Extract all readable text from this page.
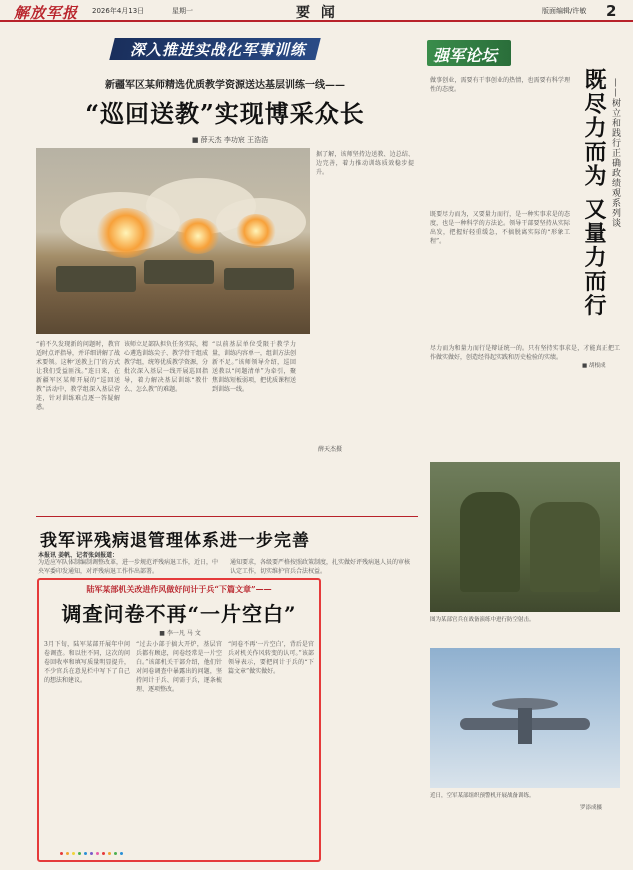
解放军报 2026年4月13日	星期一	要 闻	版面编辑/许敏 2
深入推进实战化军事训练
新疆军区某师精选优质教学资源送达基层训练一线——
“巡回送教”实现博采众长
■ 薛天杰 李功宸 王浩浩
“前不久发现新的问题时，教官适时点评指导，并详细讲解了战术要领。这种‘送教上门’的方式让我们受益匪浅。”连日来，在新疆军区某师开展的“巡回送教”活动中，教学组深入基层营连，针对训练难点逐一答疑解惑。
该师立足部队担负任务实际，精心遴选训练尖子、教学骨干组成教学组，统筹优质教学资源，分批次深入基层一线开展巡回指导，着力解决基层训练“教什么、怎么教”的难题。
“以前基层单位受限于教学力量，训练内容单一，组训方法创新不足。”该师领导介绍，巡回送教以“问题清单”为牵引，聚焦训练短板弱项，把优质课程送到训练一线。
据了解，该师坚持边送教、边总结、边完善，着力推动训练质效稳步提升。
薛天杰摄
我军评残病退管理体系进一步完善
本报讯 姜帆、记者张剑报道：
为适应军队体制编制调整改革，进一步规范评残病退工作，近日，中央军委印发通知，对评残病退工作作出部署。
通知要求，各级要严格按照政策制度，扎实做好评残病退人员的审核认定工作，切实维护官兵合法权益。
陆军某部机关改进作风做好问计于兵“下篇文章”——
调查问卷不再“一片空白”
■ 李一凡 马 文
3月下旬，陆军某部开展年中问卷调查。和以往不同，这次的问卷回收率和填写质量明显提升，不少官兵在意见栏中写下了自己的想法和建议。
“过去小部于搞大开炉，基层官兵都有顾虑，问卷经常是一片空白。”该部机关干部介绍，他们针对问卷调查中暴露出的问题，坚持问计于兵、问需于兵，逐条梳理、逐项整改。
“问卷不再‘一片空白’，背后是官兵对机关作风转变的认可。”该部领导表示，要把问计于兵的“下篇文章”做实做好。
强军论坛
既尽力而为 又量力而行 ——树立和践行正确政绩观系列谈
做事创业，需要有干事创业的热情，也需要有科学理性的态度。
既要尽力而为，又要量力而行，是一种实事求是的态度，也是一种科学的方法论。领导干部要坚持从实际出发，把握好轻重缓急，不搞脱离实际的“形象工程”。
尽力而为和量力而行是辩证统一的。只有坚持实事求是，才能真正把工作做实做好，创造经得起实践和历史检验的实绩。
■ 胡根成
图为某部官兵在战备演练中进行防空射击。
近日，空军某部组织预警机开展战备训练。
罗添成摄
